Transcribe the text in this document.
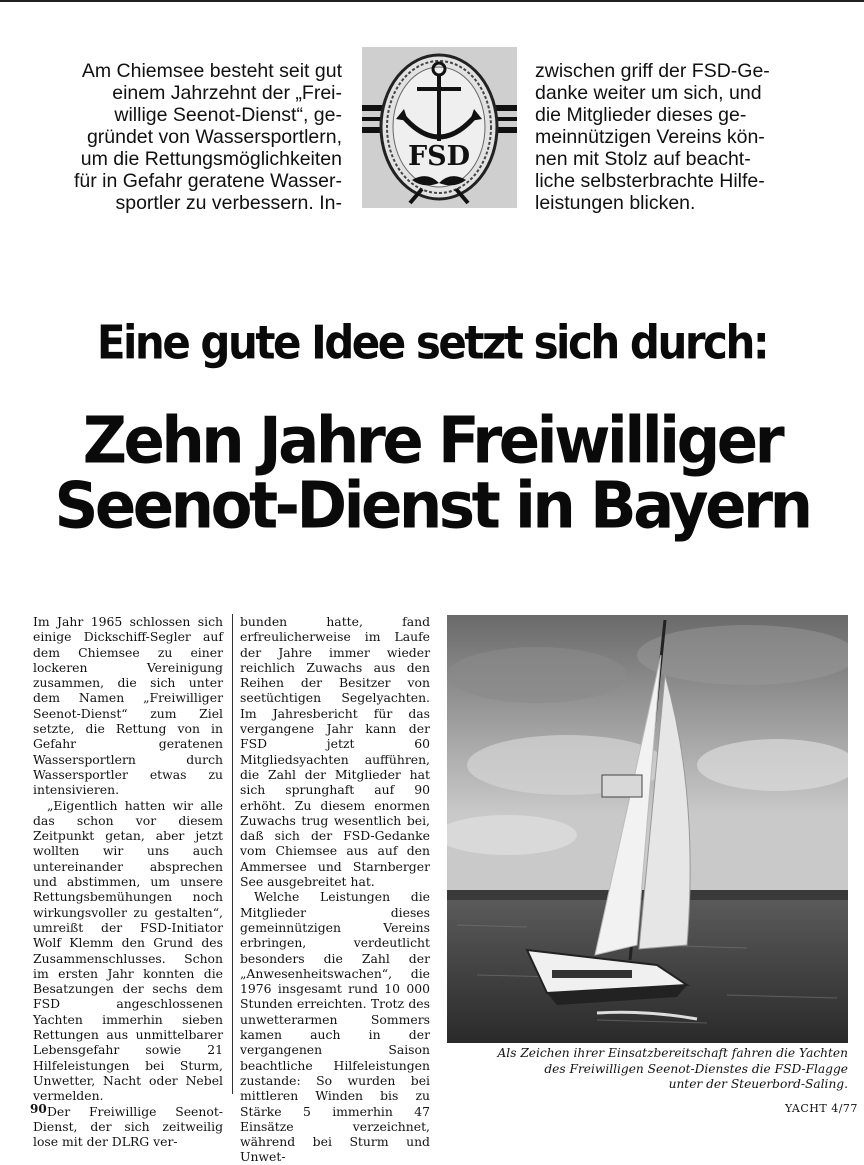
Am Chiemsee besteht seit gut
einem Jahrzehnt der „Frei-
willige Seenot-Dienst“, ge-
gründet von Wassersportlern,
um die Rettungsmöglichkeiten
für in Gefahr geratene Wasser-
sportler zu verbessern. In-
FSD
zwischen griff der FSD-Ge-
danke weiter um sich, und
die Mitglieder dieses ge-
meinnützigen Vereins kön-
nen mit Stolz auf beacht-
liche selbsterbrachte Hilfe-
leistungen blicken.
Eine gute Idee setzt sich durch:
Zehn Jahre Freiwilliger
Seenot-Dienst in Bayern

Im Jahr 1965 schlossen sich einige Dickschiff-Segler auf dem Chiemsee zu einer lockeren Vereinigung zusammen, die sich unter dem Namen „Freiwilliger Seenot-Dienst“ zum Ziel setzte, die Rettung von in Gefahr geratenen Wassersportlern durch Wassersportler etwas zu intensivieren.

„Eigentlich hatten wir alle das schon vor diesem Zeitpunkt getan, aber jetzt wollten wir uns auch untereinander absprechen und abstimmen, um unsere Rettungsbemühungen noch wirkungsvoller zu gestalten“, umreißt der FSD-Initiator Wolf Klemm den Grund des Zusammenschlusses. Schon im ersten Jahr konnten die Besatzungen der sechs dem FSD angeschlossenen Yachten immerhin sieben Rettungen aus unmittelbarer Lebensgefahr sowie 21 Hilfeleistungen bei Sturm, Unwetter, Nacht oder Nebel vermelden.

Der Freiwillige Seenot-Dienst, der sich zeitweilig lose mit der DLRG ver-

bunden hatte, fand erfreulicherweise im Laufe der Jahre immer wieder reichlich Zuwachs aus den Reihen der Besitzer von seetüchtigen Segelyachten. Im Jahresbericht für das vergangene Jahr kann der FSD jetzt 60 Mitgliedsyachten aufführen, die Zahl der Mitglieder hat sich sprunghaft auf 90 erhöht. Zu diesem enormen Zuwachs trug wesentlich bei, daß sich der FSD-Gedanke vom Chiemsee aus auf den Ammersee und Starnberger See ausgebreitet hat.

Welche Leistungen die Mitglieder dieses gemeinnützigen Vereins erbringen, verdeutlicht besonders die Zahl der „Anwesenheitswachen“, die 1976 insgesamt rund 10 000 Stunden erreichten. Trotz des unwetterarmen Sommers kamen auch in der vergangenen Saison beachtliche Hilfeleistungen zustande: So wurden bei mittleren Winden bis zu Stärke 5 immerhin 47 Einsätze verzeichnet, während bei Sturm und Unwet-

Als Zeichen ihrer Einsatzbereitschaft fahren die Yachten
des Freiwilligen Seenot-Dienstes die FSD-Flagge
unter der Steuerbord-Saling.
90	YACHT 4/77
